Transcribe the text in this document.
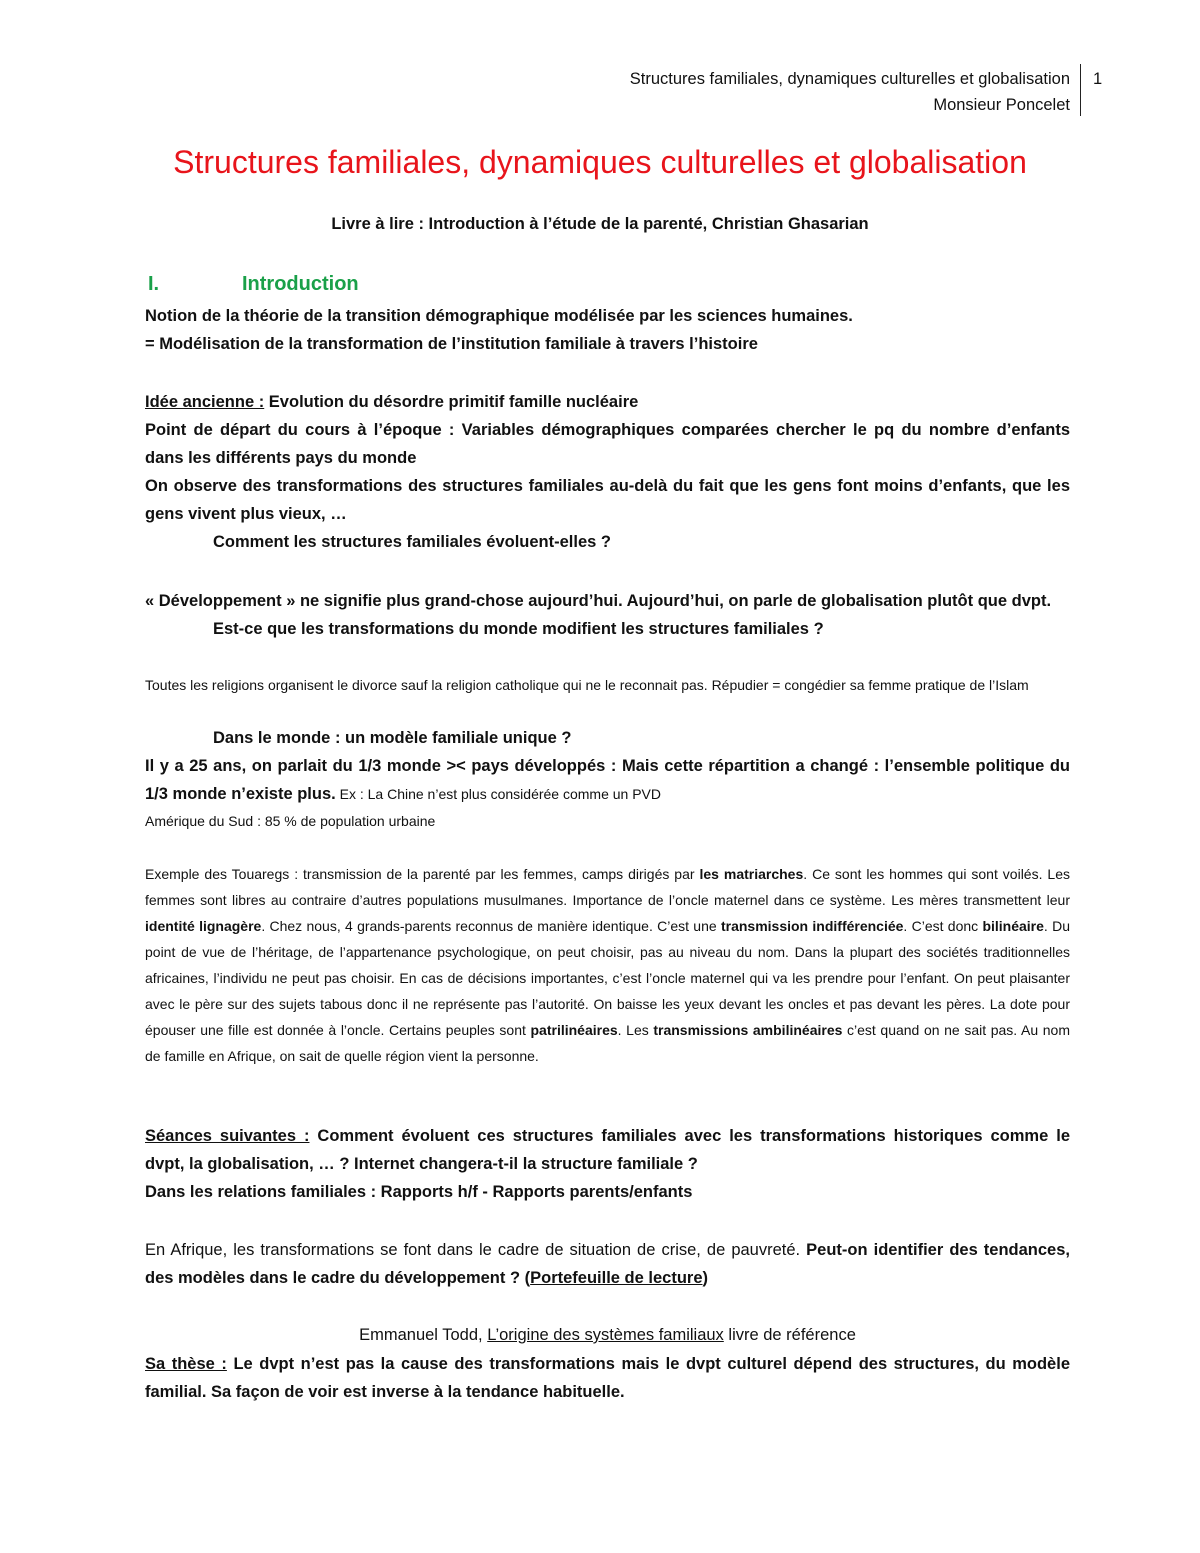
Structures familiales, dynamiques culturelles et globalisation
Monsieur Poncelet
1
Structures familiales, dynamiques culturelles et globalisation
Livre à lire : Introduction à l’étude de la parenté, Christian Ghasarian
I.	Introduction

Notion de la théorie de la transition démographique modélisée par les sciences humaines.

= Modélisation de la transformation de l’institution familiale à travers l’histoire

Idée ancienne : Evolution du désordre primitif famille nucléaire

Point de départ du cours à l’époque : Variables démographiques comparées chercher le pq du nombre d’enfants dans les différents pays du monde

On observe des transformations des structures familiales au-delà du fait que les gens font moins d’enfants, que les gens vivent plus vieux, …

Comment les structures familiales évoluent-elles ?

« Développement » ne signifie plus grand-chose aujourd’hui. Aujourd’hui, on parle de globalisation plutôt que dvpt.

Est-ce que les transformations du monde modifient les structures familiales ?

Toutes les religions organisent le divorce sauf la religion catholique qui ne le reconnait pas. Répudier = congédier sa femme pratique de l’Islam

Dans le monde : un modèle familiale unique ?

Il y a 25 ans, on parlait du 1/3 monde >< pays développés : Mais cette répartition a changé : l’ensemble politique du 1/3 monde n’existe plus. Ex : La Chine n’est plus considérée comme un PVD

Amérique du Sud : 85 % de population urbaine

Exemple des Touaregs : transmission de la parenté par les femmes, camps dirigés par les matriarches. Ce sont les hommes qui sont voilés. Les femmes sont libres au contraire d’autres populations musulmanes. Importance de l’oncle maternel dans ce système. Les mères transmettent leur identité lignagère. Chez nous, 4 grands-parents reconnus de manière identique. C’est une transmission indifférenciée. C’est donc bilinéaire. Du point de vue de l’héritage, de l’appartenance psychologique, on peut choisir, pas au niveau du nom. Dans la plupart des sociétés traditionnelles africaines, l’individu ne peut pas choisir. En cas de décisions importantes, c’est l’oncle maternel qui va les prendre pour l’enfant. On peut plaisanter avec le père sur des sujets tabous donc il ne représente pas l’autorité. On baisse les yeux devant les oncles et pas devant les pères. La dote pour épouser une fille est donnée à l’oncle. Certains peuples sont patrilinéaires. Les transmissions ambilinéaires c’est quand on ne sait pas. Au nom de famille en Afrique, on sait de quelle région vient la personne.

Séances suivantes : Comment évoluent ces structures familiales avec les transformations historiques comme le dvpt, la globalisation, … ? Internet changera-t-il la structure familiale ?

Dans les relations familiales : Rapports h/f - Rapports parents/enfants

En Afrique, les transformations se font dans le cadre de situation de crise, de pauvreté. Peut-on identifier des tendances, des modèles dans le cadre du développement ? (Portefeuille de lecture)

Emmanuel Todd, L’origine des systèmes familiaux livre de référence

Sa thèse : Le dvpt n’est pas la cause des transformations mais le dvpt culturel dépend des structures, du modèle familial. Sa façon de voir est inverse à la tendance habituelle.
